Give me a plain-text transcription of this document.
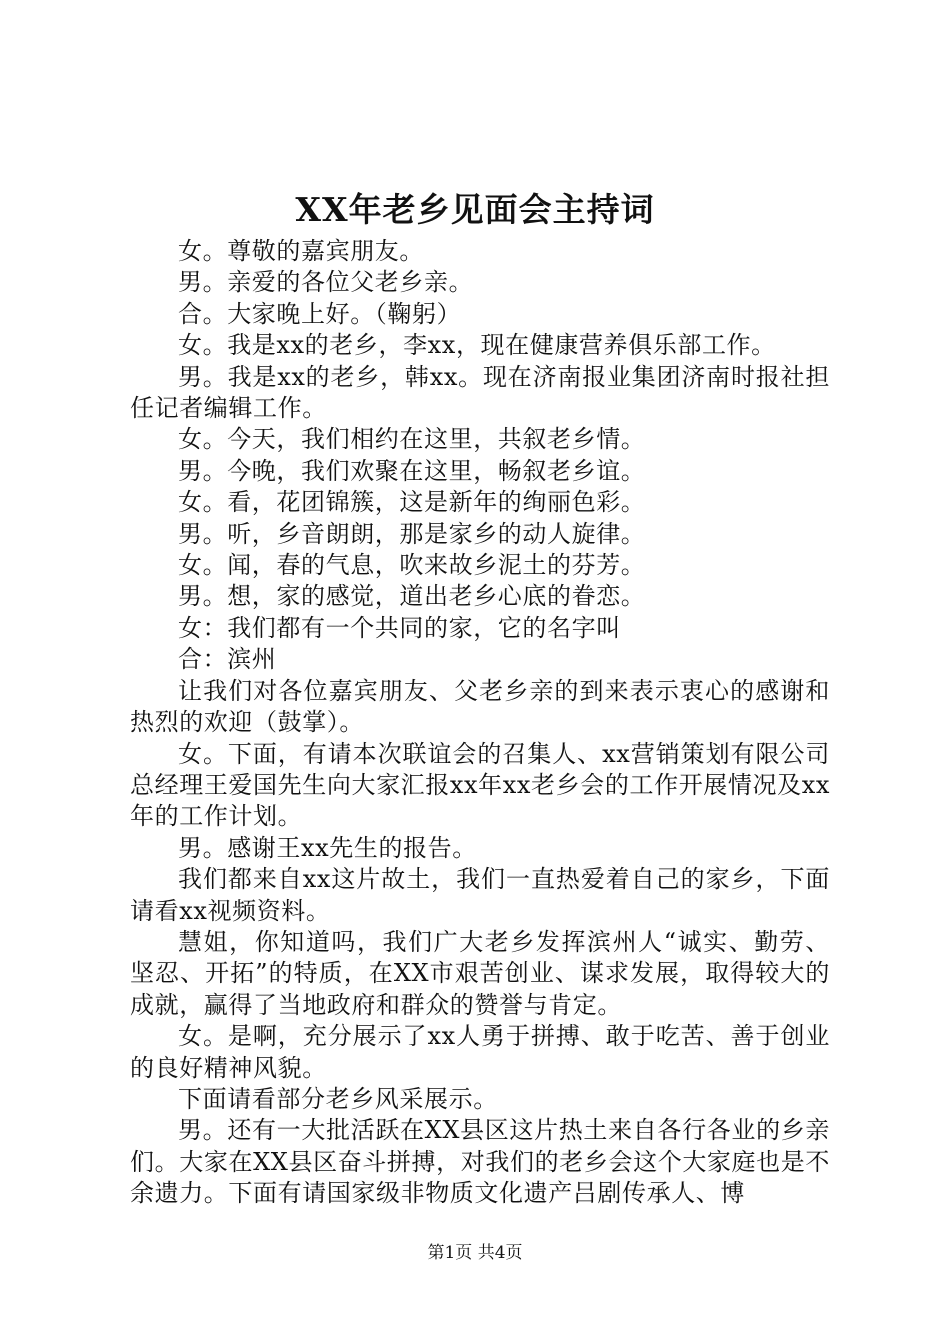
XX年老乡见面会主持词

女。尊敬的嘉宾朋友。

男。亲爱的各位父老乡亲。

合。大家晚上好。（鞠躬）

女。我是xx的老乡，李xx，现在健康营养俱乐部工作。

男。我是xx的老乡，韩xx。现在济南报业集团济南时报社担任记者编辑工作。

女。今天，我们相约在这里，共叙老乡情。

男。今晚，我们欢聚在这里，畅叙老乡谊。

女。看，花团锦簇，这是新年的绚丽色彩。

男。听，乡音朗朗，那是家乡的动人旋律。

女。闻，春的气息，吹来故乡泥土的芬芳。

男。想，家的感觉，道出老乡心底的眷恋。

女：我们都有一个共同的家，它的名字叫

合：滨州

让我们对各位嘉宾朋友、父老乡亲的到来表示衷心的感谢和热烈的欢迎（鼓掌）。

女。下面，有请本次联谊会的召集人、xx营销策划有限公司总经理王爱国先生向大家汇报xx年xx老乡会的工作开展情况及xx年的工作计划。

男。感谢王xx先生的报告。

我们都来自xx这片故土，我们一直热爱着自己的家乡，下面请看xx视频资料。

慧姐，你知道吗，我们广大老乡发挥滨州人“诚实、勤劳、坚忍、开拓”的特质，在XX市艰苦创业、谋求发展，取得较大的成就，赢得了当地政府和群众的赞誉与肯定。

女。是啊，充分展示了xx人勇于拼搏、敢于吃苦、善于创业的良好精神风貌。

下面请看部分老乡风采展示。

男。还有一大批活跃在XX县区这片热土来自各行各业的乡亲们。大家在XX县区奋斗拼搏，对我们的老乡会这个大家庭也是不余遗力。下面有请国家级非物质文化遗产吕剧传承人、博

第1页 共4页
